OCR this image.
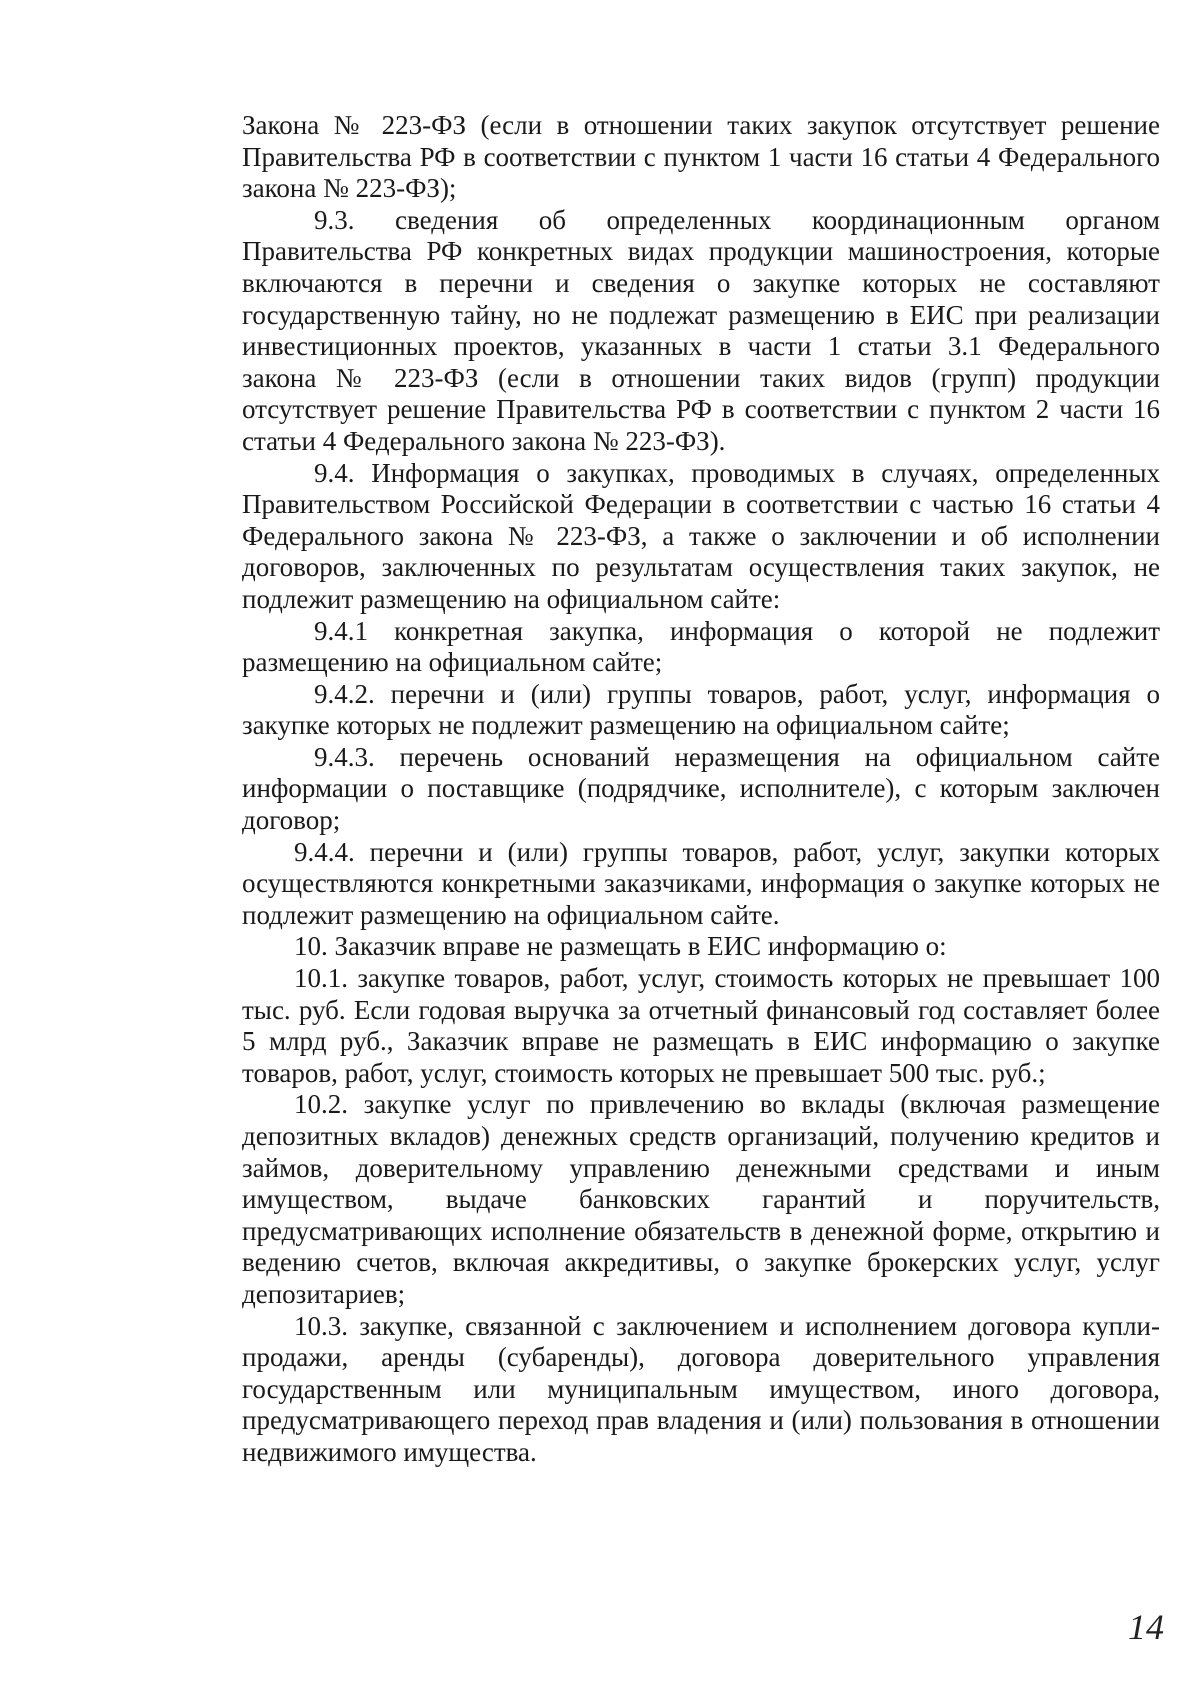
Закона № 223-ФЗ (если в отношении таких закупок отсутствует решение Правительства РФ в соответствии с пунктом 1 части 16 статьи 4 Федерального закона № 223-ФЗ);

9.3. сведения об определенных координационным органом Правительства РФ конкретных видах продукции машиностроения, которые включаются в перечни и сведения о закупке которых не составляют государственную тайну, но не подлежат размещению в ЕИС при реализации инвестиционных проектов, указанных в части 1 статьи 3.1 Федерального закона № 223-ФЗ (если в отношении таких видов (групп) продукции отсутствует решение Правительства РФ в соответствии с пунктом 2 части 16 статьи 4 Федерального закона № 223-ФЗ).

9.4. Информация о закупках, проводимых в случаях, определенных Правительством Российской Федерации в соответствии с частью 16 статьи 4 Федерального закона № 223-ФЗ, а также о заключении и об исполнении договоров, заключенных по результатам осуществления таких закупок, не подлежит размещению на официальном сайте:

9.4.1 конкретная закупка, информация о которой не подлежит размещению на официальном сайте;

9.4.2. перечни и (или) группы товаров, работ, услуг, информация о закупке которых не подлежит размещению на официальном сайте;

9.4.3. перечень оснований неразмещения на официальном сайте информации о поставщике (подрядчике, исполнителе), с которым заключен договор;

9.4.4. перечни и (или) группы товаров, работ, услуг, закупки которых осуществляются конкретными заказчиками, информация о закупке которых не подлежит размещению на официальном сайте.

10. Заказчик вправе не размещать в ЕИС информацию о:

10.1. закупке товаров, работ, услуг, стоимость которых не превышает 100 тыс. руб. Если годовая выручка за отчетный финансовый год составляет более 5 млрд руб., Заказчик вправе не размещать в ЕИС информацию о закупке товаров, работ, услуг, стоимость которых не превышает 500 тыс. руб.;

10.2. закупке услуг по привлечению во вклады (включая размещение депозитных вкладов) денежных средств организаций, получению кредитов и займов, доверительному управлению денежными средствами и иным имуществом, выдаче банковских гарантий и поручительств, предусматривающих исполнение обязательств в денежной форме, открытию и ведению счетов, включая аккредитивы, о закупке брокерских услуг, услуг депозитариев;

10.3. закупке, связанной с заключением и исполнением договора купли-продажи, аренды (субаренды), договора доверительного управления государственным или муниципальным имуществом, иного договора, предусматривающего переход прав владения и (или) пользования в отношении недвижимого имущества.

14
